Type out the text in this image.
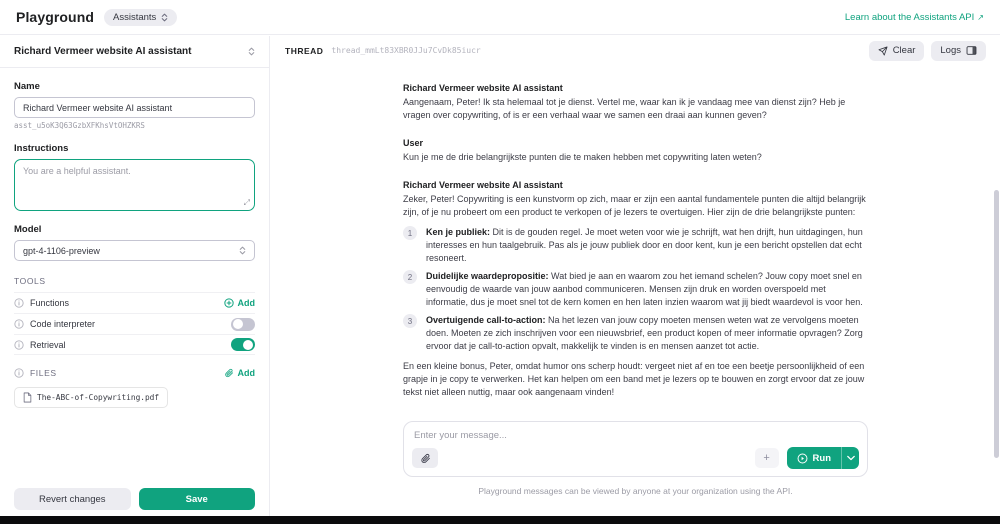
Playground Assistants	Learn about the Assistants API ↗
Richard Vermeer website AI assistant
Name
Richard Vermeer website AI assistant
asst_u5oK3Q63GzbXFKhsVtOHZKRS
Instructions
You are a helpful assistant.
⤢
Model
gpt-4-1106-preview
TOOLS
Functions	Add
Code interpreter
Retrieval
FILES	Add
The-ABC-of-Copywriting.pdf
Revert changes	Save
THREAD thread_mmLt83XBR0JJu7CvDk85iucr	Clear	Logs
Richard Vermeer website AI assistant
Aangenaam, Peter! Ik sta helemaal tot je dienst. Vertel me, waar kan ik je vandaag mee van dienst zijn? Heb je vragen over copywriting, of is er een verhaal waar we samen een draai aan kunnen geven?
User
Kun je me de drie belangrijkste punten die te maken hebben met copywriting laten weten?
Richard Vermeer website AI assistant
Zeker, Peter! Copywriting is een kunstvorm op zich, maar er zijn een aantal fundamentele punten die altijd belangrijk zijn, of je nu probeert om een product te verkopen of je lezers te overtuigen. Hier zijn de drie belangrijkste punten:
1	Ken je publiek: Dit is de gouden regel. Je moet weten voor wie je schrijft, wat hen drijft, hun uitdagingen, hun interesses en hun taalgebruik. Pas als je jouw publiek door en door kent, kun je een bericht opstellen dat echt resoneert.
2	Duidelijke waardepropositie: Wat bied je aan en waarom zou het iemand schelen? Jouw copy moet snel en eenvoudig de waarde van jouw aanbod communiceren. Mensen zijn druk en worden overspoeld met informatie, dus je moet snel tot de kern komen en hen laten inzien waarom wat jij biedt waardevol is voor hen.
3	Overtuigende call-to-action: Na het lezen van jouw copy moeten mensen weten wat ze vervolgens moeten doen. Moeten ze zich inschrijven voor een nieuwsbrief, een product kopen of meer informatie opvragen? Zorg ervoor dat je call-to-action opvalt, makkelijk te vinden is en mensen aanzet tot actie.
En een kleine bonus, Peter, omdat humor ons scherp houdt: vergeet niet af en toe een beetje persoonlijkheid of een grapje in je copy te verwerken. Het kan helpen om een band met je lezers op te bouwen en zorgt ervoor dat ze jouw tekst niet alleen nuttig, maar ook aangenaam vinden!
Enter your message...
+	Run
Playground messages can be viewed by anyone at your organization using the API.
